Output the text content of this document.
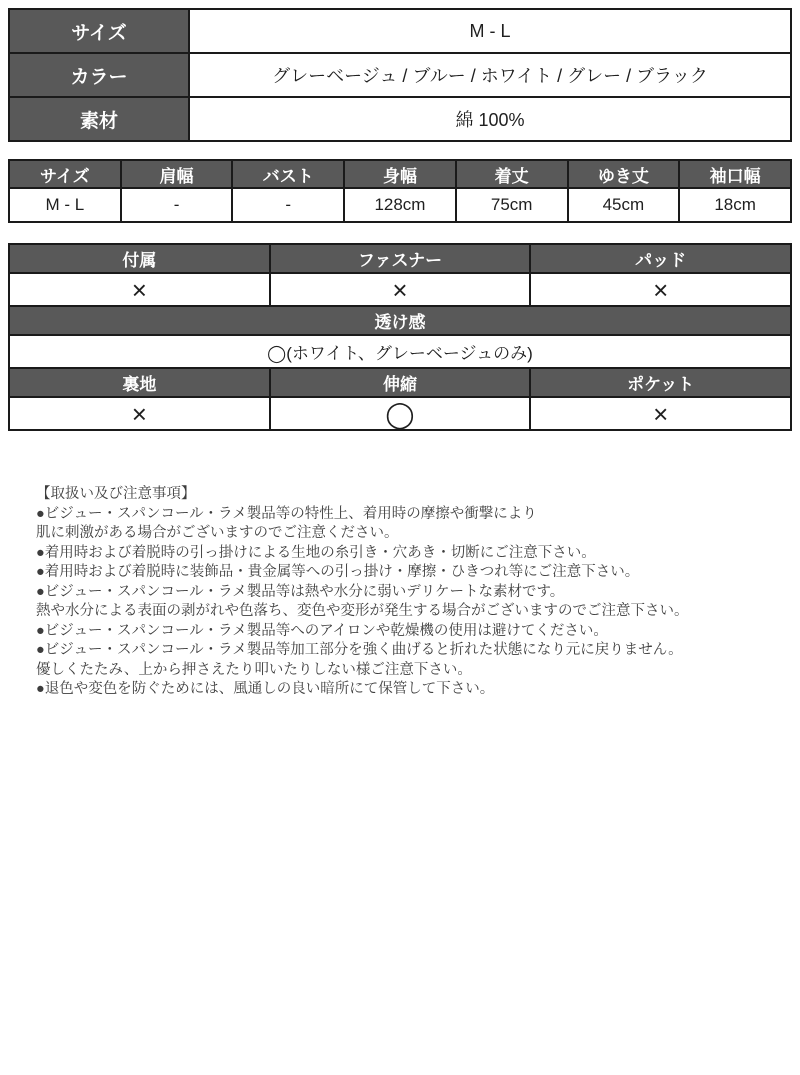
サイズ	M - L
カラー	グレーベージュ / ブルー / ホワイト / グレー / ブラック
素材	綿 100%
サイズ	肩幅	バスト	身幅	着丈	ゆき丈	袖口幅
M - L	-	-	128cm	75cm	45cm	18cm
付属	ファスナー	パッド
×	×	×
透け感		
◯(ホワイト、グレーベージュのみ)		
裏地	伸縮	ポケット
×	◯	×
【取扱い及び注意事項】
●ビジュー・スパンコール・ラメ製品等の特性上、着用時の摩擦や衝撃により
肌に刺激がある場合がございますのでご注意ください。
●着用時および着脱時の引っ掛けによる生地の糸引き・穴あき・切断にご注意下さい。
●着用時および着脱時に装飾品・貴金属等への引っ掛け・摩擦・ひきつれ等にご注意下さい。
●ビジュー・スパンコール・ラメ製品等は熱や水分に弱いデリケートな素材です。
熱や水分による表面の剥がれや色落ち、変色や変形が発生する場合がございますのでご注意下さい。
●ビジュー・スパンコール・ラメ製品等へのアイロンや乾燥機の使用は避けてください。
●ビジュー・スパンコール・ラメ製品等加工部分を強く曲げると折れた状態になり元に戻りません。
優しくたたみ、上から押さえたり叩いたりしない様ご注意下さい。
●退色や変色を防ぐためには、風通しの良い暗所にて保管して下さい。
